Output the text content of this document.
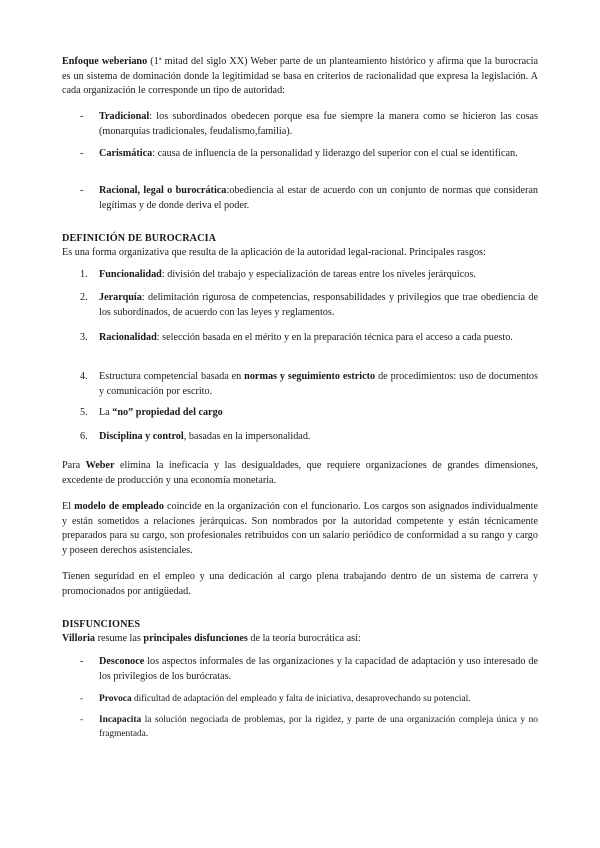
Enfoque weberiano (1ª mitad del siglo XX) Weber parte de un planteamiento histórico y afirma que la burocracia es un sistema de dominación donde la legitimidad se basa en criterios de racionalidad que expresa la legislación. A cada organización le corresponde un tipo de autoridad:
- Tradicional: los subordinados obedecen porque esa fue siempre la manera como se hicieron las cosas (monarquías tradicionales, feudalismo,familia).
- Carismática: causa de influencia de la personalidad y liderazgo del superior con el cual se identifican.
- Racional, legal o burocrática:obediencia al estar de acuerdo con un conjunto de normas que consideran legítimas y de donde deriva el poder.
DEFINICIÓN DE BUROCRACIA
Es una forma organizativa que resulta de la aplicación de la autoridad legal-racional. Principales rasgos:
1. Funcionalidad: división del trabajo y especialización de tareas entre los niveles jerárquicos.
2. Jerarquía: delimitación rigurosa de competencias, responsabilidades y privilegios que trae obediencia de los subordinados, de acuerdo con las leyes y reglamentos.
3. Racionalidad: selección basada en el mérito y en la preparación técnica para el acceso a cada puesto.
4. Estructura competencial basada en normas y seguimiento estricto de procedimientos: uso de documentos y comunicación por escrito.
5. La “no” propiedad del cargo
6. Disciplina y control, basadas en la impersonalidad.
Para Weber elimina la ineficacia y las desigualdades, que requiere organizaciones de grandes dimensiones, excedente de producción y una economía monetaria.
El modelo de empleado coincide en la organización con el funcionario. Los cargos son asignados individualmente y están sometidos a relaciones jerárquicas. Son nombrados por la autoridad competente y están técnicamente preparados para su cargo, son profesionales retribuidos con un salario periódico de conformidad a su rango y cargo y poseen derechos asistenciales.
Tienen seguridad en el empleo y una dedicación al cargo plena trabajando dentro de un sistema de carrera y promocionados por antigüedad.
DISFUNCIONES
Villoria resume las principales disfunciones de la teoría burocrática así:
- Desconoce los aspectos informales de las organizaciones y la capacidad de adaptación y uso interesado de los privilegios de los burócratas.
- Provoca dificultad de adaptación del empleado y falta de iniciativa, desaprovechando su potencial.
- Incapacita la solución negociada de problemas, por la rigidez, y parte de una organización compleja única y no fragmentada.
